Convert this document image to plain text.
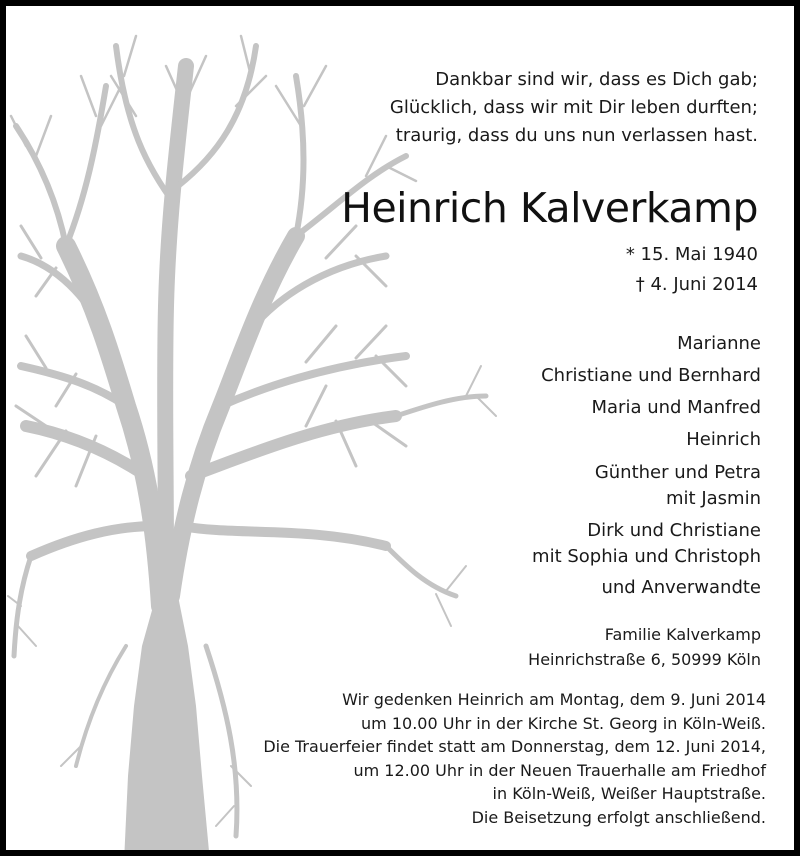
Dankbar sind wir, dass es Dich gab;
Glücklich, dass wir mit Dir leben durften;
traurig, dass du uns nun verlassen hast.
Heinrich Kalverkamp
* 15. Mai 1940
† 4. Juni 2014
Marianne
Christiane und Bernhard
Maria und Manfred
Heinrich
Günther und Petra
mit Jasmin
Dirk und Christiane
mit Sophia und Christoph
und Anverwandte
Familie Kalverkamp
Heinrichstraße 6, 50999 Köln
Wir gedenken Heinrich am Montag, dem 9. Juni 2014
um 10.00 Uhr in der Kirche St. Georg in Köln-Weiß.
Die Trauerfeier findet statt am Donnerstag, dem 12. Juni 2014,
um 12.00 Uhr in der Neuen Trauerhalle am Friedhof
in Köln-Weiß, Weißer Hauptstraße.
Die Beisetzung erfolgt anschließend.
